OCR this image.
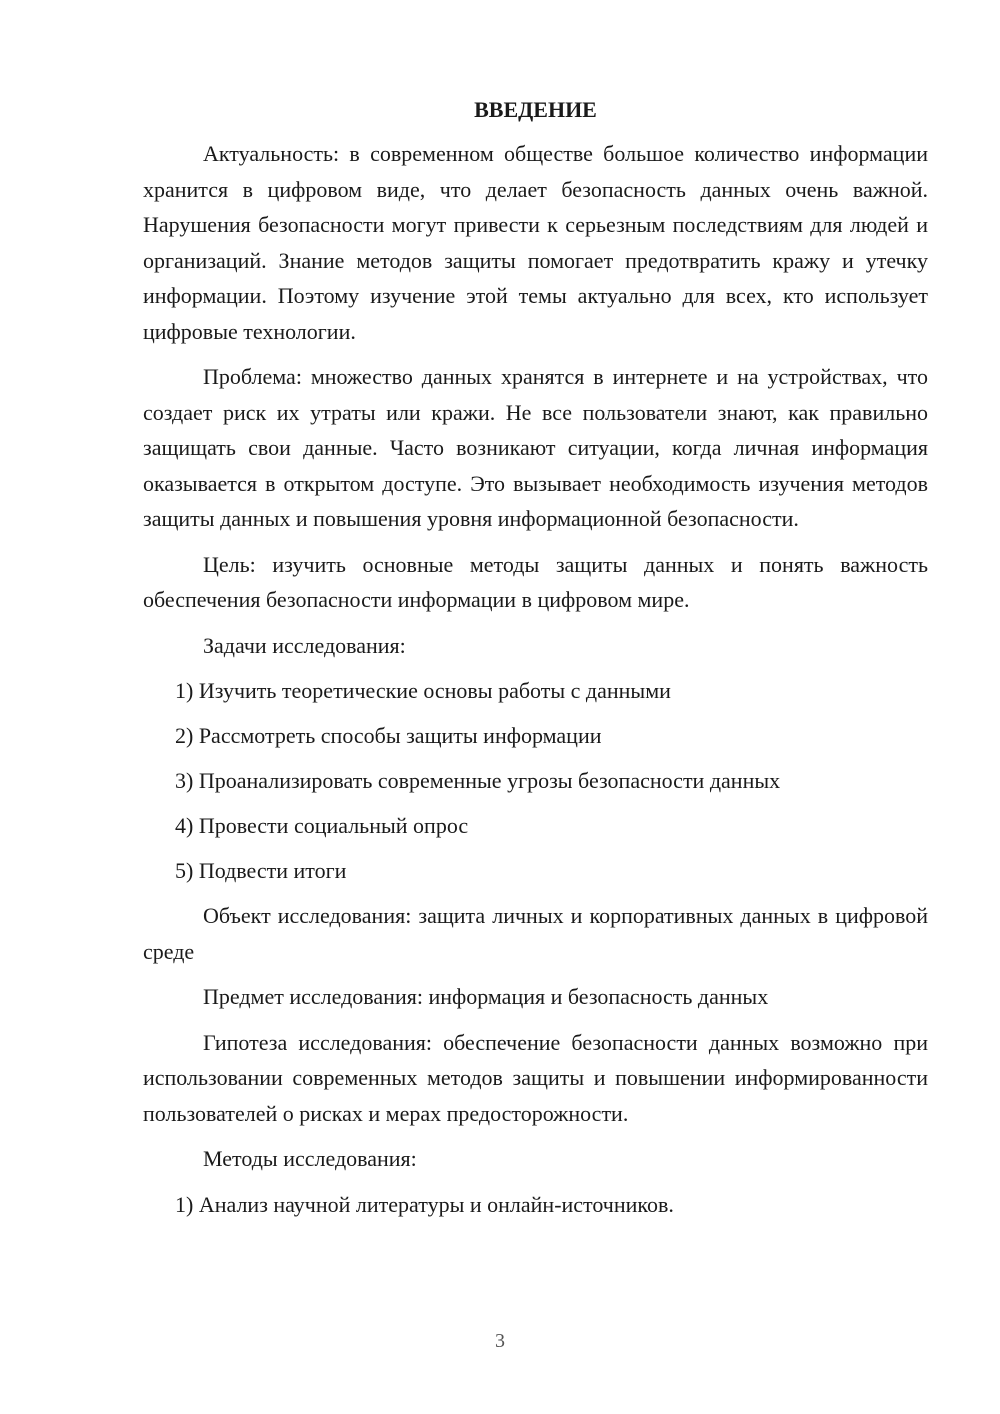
ВВЕДЕНИЕ

Актуальность: в современном обществе большое количество информации хранится в цифровом виде, что делает безопасность данных очень важной. Нарушения безопасности могут привести к серьезным последствиям для людей и организаций. Знание методов защиты помогает предотвратить кражу и утечку информации. Поэтому изучение этой темы актуально для всех, кто использует цифровые технологии.

Проблема: множество данных хранятся в интернете и на устройствах, что создает риск их утраты или кражи. Не все пользователи знают, как правильно защищать свои данные. Часто возникают ситуации, когда личная информация оказывается в открытом доступе. Это вызывает необходимость изучения методов защиты данных и повышения уровня информационной безопасности.

Цель: изучить основные методы защиты данных и понять важность обеспечения безопасности информации в цифровом мире.

Задачи исследования:

1) Изучить теоретические основы работы с данными
2) Рассмотреть способы защиты информации
3) Проанализировать современные угрозы безопасности данных
4) Провести социальный опрос
5) Подвести итоги

Объект исследования: защита личных и корпоративных данных в цифровой среде

Предмет исследования: информация и безопасность данных

Гипотеза исследования: обеспечение безопасности данных возможно при использовании современных методов защиты и повышении информированности пользователей о рисках и мерах предосторожности.

Методы исследования:

1) Анализ научной литературы и онлайн-источников.
3
